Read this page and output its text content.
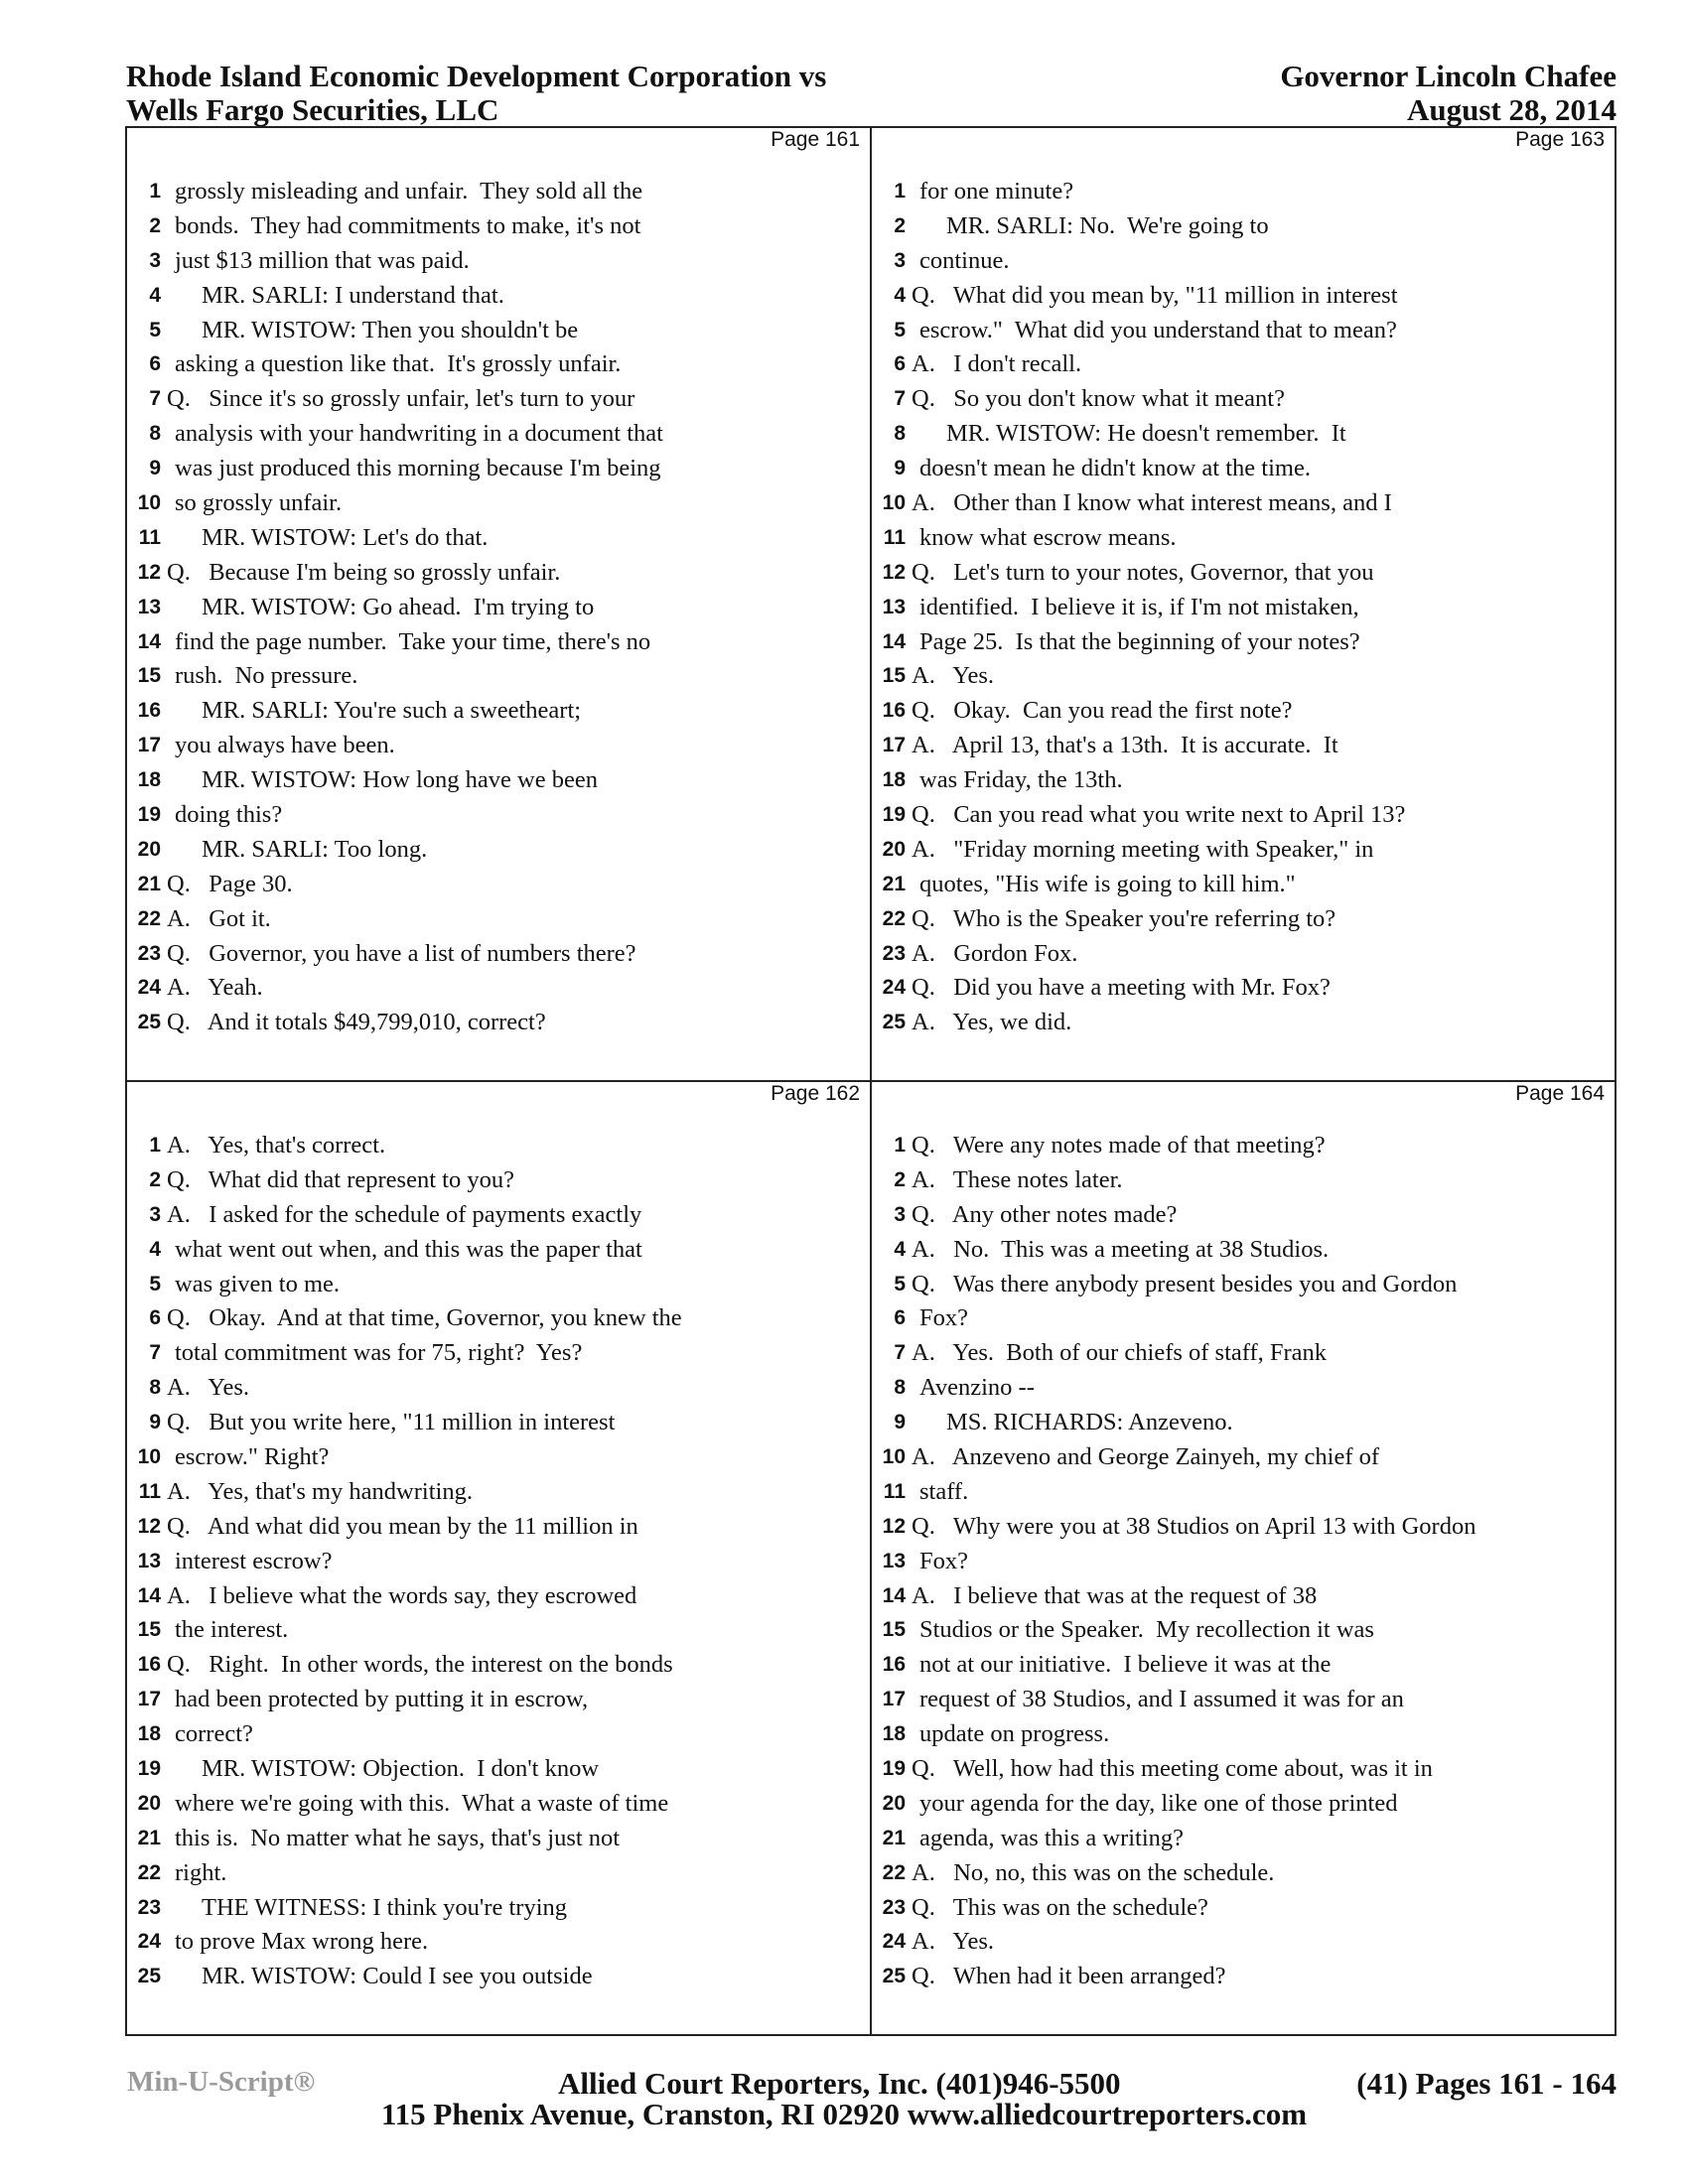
Rhode Island Economic Development Corporation vs
Wells Fargo Securities, LLC
Governor Lincoln Chafee
August 28, 2014
Page 161
1 grossly misleading and unfair.  They sold all the
2 bonds.  They had commitments to make, it's not
3 just $13 million that was paid.
4 MR. SARLI: I understand that.
5 MR. WISTOW: Then you shouldn't be
6 asking a question like that.  It's grossly unfair.
7 Q.   Since it's so grossly unfair, let's turn to your
8 analysis with your handwriting in a document that
9 was just produced this morning because I'm being
10 so grossly unfair.
11 MR. WISTOW: Let's do that.
12 Q.   Because I'm being so grossly unfair.
13 MR. WISTOW: Go ahead.  I'm trying to
14 find the page number.  Take your time, there's no
15 rush.  No pressure.
16 MR. SARLI: You're such a sweetheart;
17 you always have been.
18 MR. WISTOW: How long have we been
19 doing this?
20 MR. SARLI: Too long.
21 Q.   Page 30.
22 A.   Got it.
23 Q.   Governor, you have a list of numbers there?
24 A.   Yeah.
25 Q.   And it totals $49,799,010, correct?
Page 163
1 for one minute?
2 MR. SARLI: No.  We're going to
3 continue.
4 Q.   What did you mean by, "11 million in interest
5 escrow."  What did you understand that to mean?
6 A.   I don't recall.
7 Q.   So you don't know what it meant?
8 MR. WISTOW: He doesn't remember.  It
9 doesn't mean he didn't know at the time.
10 A.   Other than I know what interest means, and I
11 know what escrow means.
12 Q.   Let's turn to your notes, Governor, that you
13 identified.  I believe it is, if I'm not mistaken,
14 Page 25.  Is that the beginning of your notes?
15 A.   Yes.
16 Q.   Okay.  Can you read the first note?
17 A.   April 13, that's a 13th.  It is accurate.  It
18 was Friday, the 13th.
19 Q.   Can you read what you write next to April 13?
20 A.   "Friday morning meeting with Speaker," in
21 quotes, "His wife is going to kill him."
22 Q.   Who is the Speaker you're referring to?
23 A.   Gordon Fox.
24 Q.   Did you have a meeting with Mr. Fox?
25 A.   Yes, we did.
Page 162
1 A.   Yes, that's correct.
2 Q.   What did that represent to you?
3 A.   I asked for the schedule of payments exactly
4 what went out when, and this was the paper that
5 was given to me.
6 Q.   Okay.  And at that time, Governor, you knew the
7 total commitment was for 75, right?  Yes?
8 A.   Yes.
9 Q.   But you write here, "11 million in interest
10 escrow." Right?
11 A.   Yes, that's my handwriting.
12 Q.   And what did you mean by the 11 million in
13 interest escrow?
14 A.   I believe what the words say, they escrowed
15 the interest.
16 Q.   Right.  In other words, the interest on the bonds
17 had been protected by putting it in escrow,
18 correct?
19 MR. WISTOW: Objection.  I don't know
20 where we're going with this.  What a waste of time
21 this is.  No matter what he says, that's just not
22 right.
23 THE WITNESS: I think you're trying
24 to prove Max wrong here.
25 MR. WISTOW: Could I see you outside
Page 164
1 Q.   Were any notes made of that meeting?
2 A.   These notes later.
3 Q.   Any other notes made?
4 A.   No.  This was a meeting at 38 Studios.
5 Q.   Was there anybody present besides you and Gordon
6 Fox?
7 A.   Yes.  Both of our chiefs of staff, Frank
8 Avenzino --
9 MS. RICHARDS: Anzeveno.
10 A.   Anzeveno and George Zainyeh, my chief of
11 staff.
12 Q.   Why were you at 38 Studios on April 13 with Gordon
13 Fox?
14 A.   I believe that was at the request of 38
15 Studios or the Speaker.  My recollection it was
16 not at our initiative.  I believe it was at the
17 request of 38 Studios, and I assumed it was for an
18 update on progress.
19 Q.   Well, how had this meeting come about, was it in
20 your agenda for the day, like one of those printed
21 agenda, was this a writing?
22 A.   No, no, this was on the schedule.
23 Q.   This was on the schedule?
24 A.   Yes.
25 Q.   When had it been arranged?
Min-U-Script®	Allied Court Reporters, Inc. (401)946-5500	(41) Pages 161 - 164
115 Phenix Avenue, Cranston, RI 02920 www.alliedcourtreporters.com
